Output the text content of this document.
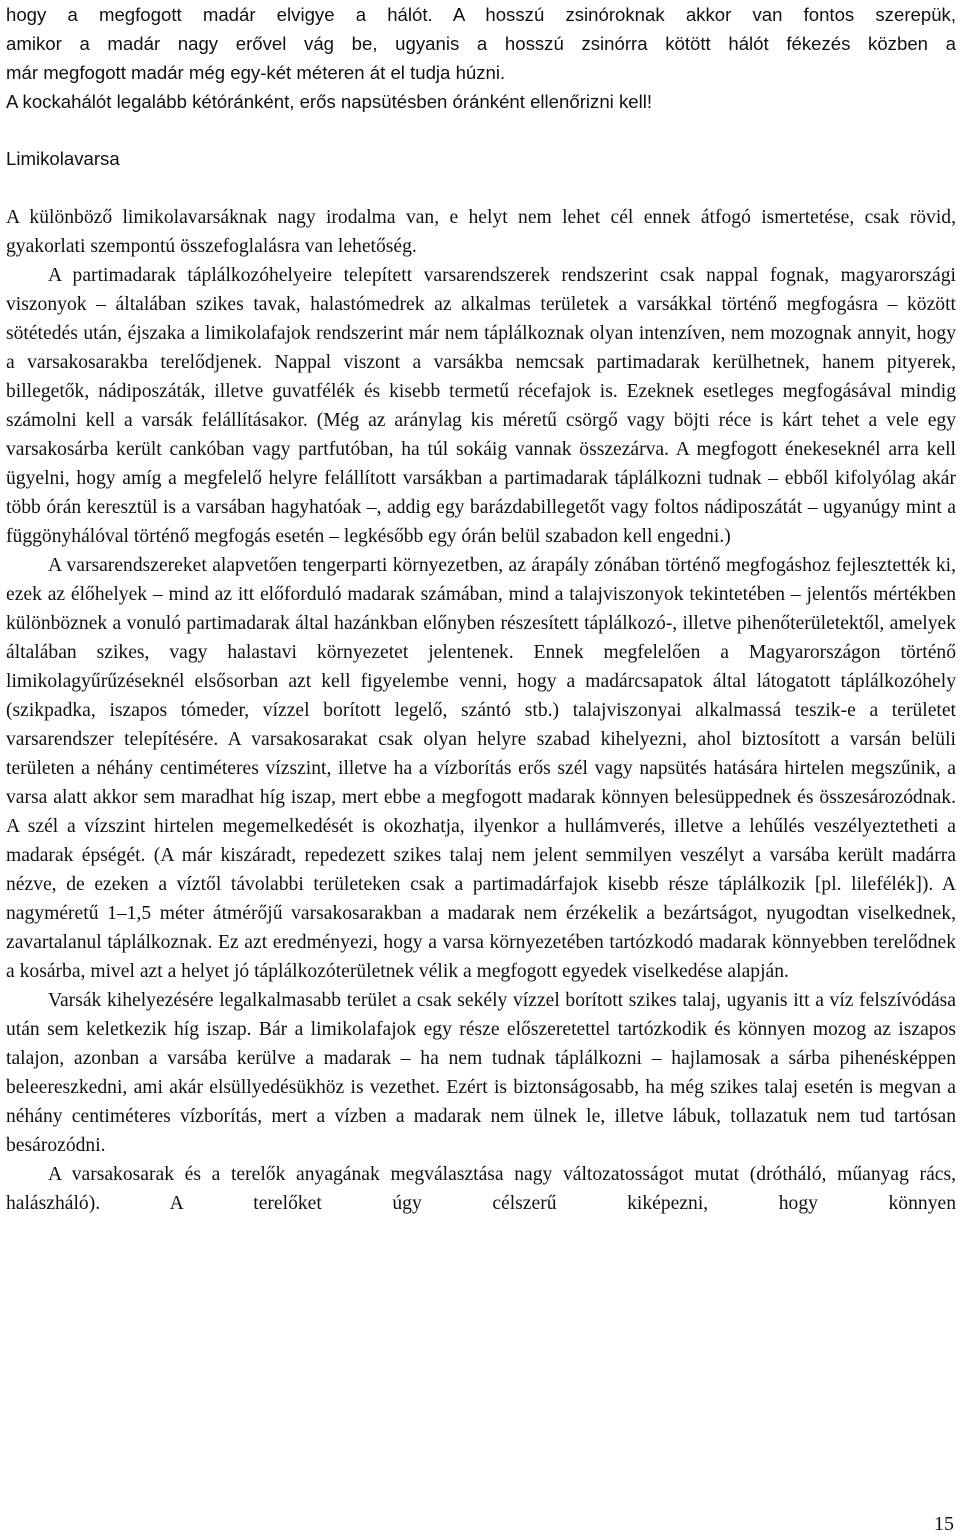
hogy a megfogott madár elvigye a hálót. A hosszú zsinóroknak akkor van fontos szerepük,

amikor a madár nagy erővel vág be, ugyanis a hosszú zsinórra kötött hálót fékezés közben a

már megfogott madár még egy-két méteren át el tudja húzni.

A kockahálót legalább kétóránként, erős napsütésben óránként ellenőrizni kell!

Limikolavarsa

A különböző limikolavarsáknak nagy irodalma van, e helyt nem lehet cél ennek átfogó ismertetése, csak rövid, gyakorlati szempontú összefoglalásra van lehetőség.

A partimadarak táplálkozóhelyeire telepített varsarendszerek rendszerint csak nappal fognak, magyarországi viszonyok – általában szikes tavak, halastómedrek az alkalmas területek a varsákkal történő megfogásra – között sötétedés után, éjszaka a limikolafajok rendszerint már nem táplálkoznak olyan intenzíven, nem mozognak annyit, hogy a varsakosarakba terelődjenek. Nappal viszont a varsákba nemcsak partimadarak kerülhetnek, hanem pityerek, billegetők, nádiposzáták, illetve guvatfélék és kisebb termetű récefajok is. Ezeknek esetleges megfogásával mindig számolni kell a varsák felállításakor. (Még az aránylag kis méretű csörgő vagy böjti réce is kárt tehet a vele egy varsakosárba került cankóban vagy partfutóban, ha túl sokáig vannak összezárva. A megfogott énekeseknél arra kell ügyelni, hogy amíg a megfelelő helyre felállított varsákban a partimadarak táplálkozni tudnak – ebből kifolyólag akár több órán keresztül is a varsában hagyhatóak –, addig egy barázdabillegetőt vagy foltos nádiposzátát – ugyanúgy mint a függönyhálóval történő megfogás esetén – legkésőbb egy órán belül szabadon kell engedni.)

A varsarendszereket alapvetően tengerparti környezetben, az árapály zónában történő megfogáshoz fejlesztették ki, ezek az élőhelyek – mind az itt előforduló madarak számában, mind a talajviszonyok tekintetében – jelentős mértékben különböznek a vonuló partimadarak által hazánkban előnyben részesített táplálkozó-, illetve pihenőterületektől, amelyek általában szikes, vagy halastavi környezetet jelentenek. Ennek megfelelően a Magyarországon történő limikolagyűrűzéseknél elsősorban azt kell figyelembe venni, hogy a madárcsapatok által látogatott táplálkozóhely (szikpadka, iszapos tómeder, vízzel borított legelő, szántó stb.) talajviszonyai alkalmassá teszik-e a területet varsarendszer telepítésére. A varsakosarakat csak olyan helyre szabad kihelyezni, ahol biztosított a varsán belüli területen a néhány centiméteres vízszint, illetve ha a vízborítás erős szél vagy napsütés hatására hirtelen megszűnik, a varsa alatt akkor sem maradhat híg iszap, mert ebbe a megfogott madarak könnyen belesüppednek és összesározódnak. A szél a vízszint hirtelen megemelkedését is okozhatja, ilyenkor a hullámverés, illetve a lehűlés veszélyeztetheti a madarak épségét. (A már kiszáradt, repedezett szikes talaj nem jelent semmilyen veszélyt a varsába került madárra nézve, de ezeken a víztől távolabbi területeken csak a partimadárfajok kisebb része táplálkozik [pl. lilefélék]). A nagyméretű 1–1,5 méter átmérőjű varsakosarakban a madarak nem érzékelik a bezártságot, nyugodtan viselkednek, zavartalanul táplálkoznak. Ez azt eredményezi, hogy a varsa környezetében tartózkodó madarak könnyebben terelődnek a kosárba, mivel azt a helyet jó táplálkozóterületnek vélik a megfogott egyedek viselkedése alapján.

Varsák kihelyezésére legalkalmasabb terület a csak sekély vízzel borított szikes talaj, ugyanis itt a víz felszívódása után sem keletkezik híg iszap. Bár a limikolafajok egy része előszeretettel tartózkodik és könnyen mozog az iszapos talajon, azonban a varsába kerülve a madarak – ha nem tudnak táplálkozni – hajlamosak a sárba pihenésképpen beleereszkedni, ami akár elsüllyedésükhöz is vezethet. Ezért is biztonságosabb, ha még szikes talaj esetén is megvan a néhány centiméteres vízborítás, mert a vízben a madarak nem ülnek le, illetve lábuk, tollazatuk nem tud tartósan besározódni.

A varsakosarak és a terelők anyagának megválasztása nagy változatosságot mutat (drótháló, műanyag rács, halászháló). A terelőket úgy célszerű kiképezni, hogy könnyen

15
